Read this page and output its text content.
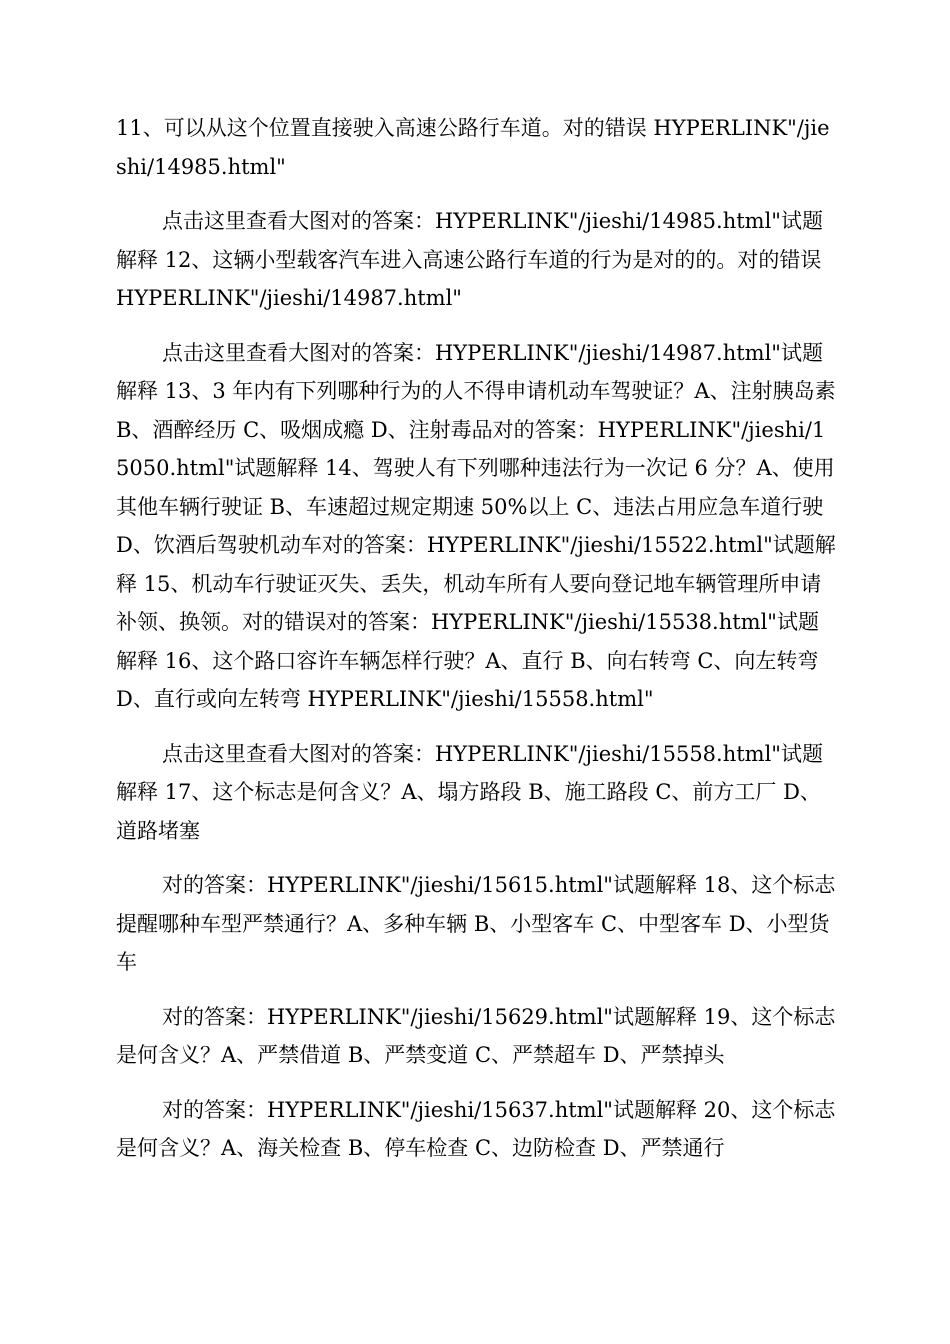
11、可以从这个位置直接驶入高速公路行车道。对的错误 HYPERLINK"/jieshi/14985.html"

点击这里查看大图对的答案：HYPERLINK"/jieshi/14985.html"试题解释 12、这辆小型载客汽车进入高速公路行车道的行为是对的的。对的错误 HYPERLINK"/jieshi/14987.html"

点击这里查看大图对的答案：HYPERLINK"/jieshi/14987.html"试题解释 13、3 年内有下列哪种行为的人不得申请机动车驾驶证？A、注射胰岛素 B、酒醉经历 C、吸烟成瘾 D、注射毒品对的答案：HYPERLINK"/jieshi/15050.html"试题解释 14、驾驶人有下列哪种违法行为一次记 6 分？A、使用其他车辆行驶证 B、车速超过规定期速 50%以上 C、违法占用应急车道行驶 D、饮酒后驾驶机动车对的答案：HYPERLINK"/jieshi/15522.html"试题解释 15、机动车行驶证灭失、丢失，机动车所有人要向登记地车辆管理所申请补领、换领。对的错误对的答案：HYPERLINK"/jieshi/15538.html"试题解释 16、这个路口容许车辆怎样行驶？A、直行 B、向右转弯 C、向左转弯 D、直行或向左转弯 HYPERLINK"/jieshi/15558.html"

点击这里查看大图对的答案：HYPERLINK"/jieshi/15558.html"试题解释 17、这个标志是何含义？A、塌方路段 B、施工路段 C、前方工厂 D、道路堵塞

对的答案：HYPERLINK"/jieshi/15615.html"试题解释 18、这个标志提醒哪种车型严禁通行？A、多种车辆 B、小型客车 C、中型客车 D、小型货车

对的答案：HYPERLINK"/jieshi/15629.html"试题解释 19、这个标志是何含义？A、严禁借道 B、严禁变道 C、严禁超车 D、严禁掉头

对的答案：HYPERLINK"/jieshi/15637.html"试题解释 20、这个标志是何含义？A、海关检查 B、停车检查 C、边防检查 D、严禁通行
